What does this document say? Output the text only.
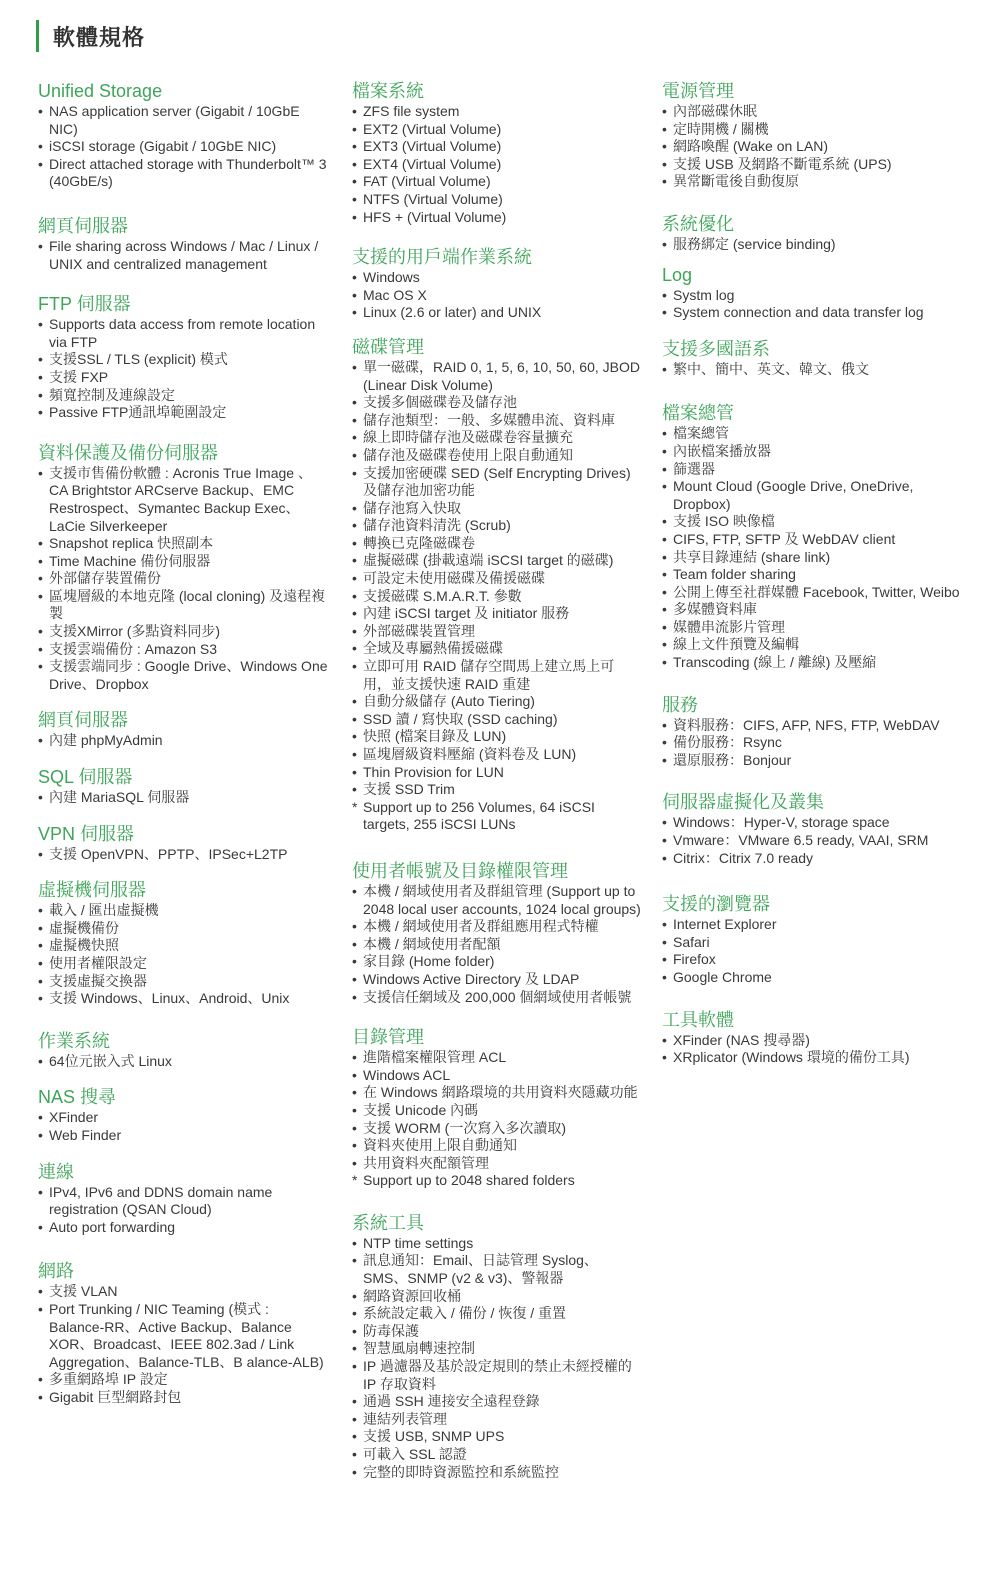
軟體規格
Unified Storage
• NAS application server (Gigabit / 10GbE NIC)
• iSCSI storage (Gigabit / 10GbE NIC)
• Direct attached storage with Thunderbolt™ 3 (40GbE/s)
網頁伺服器
• File sharing across Windows / Mac / Linux / UNIX and centralized management
FTP 伺服器
• Supports data access from remote location via FTP
• 支援SSL / TLS (explicit) 模式
• 支援 FXP
• 頻寬控制及連線設定
• Passive FTP通訊埠範圍設定
資料保護及備份伺服器
• 支援市售備份軟體 : Acronis True Image 、CA Brightstor ARCserve Backup、EMC Restrospect、Symantec Backup Exec、LaCie Silverkeeper
• Snapshot replica 快照副本
• Time Machine 備份伺服器
• 外部儲存裝置備份
• 區塊層級的本地克隆 (local cloning) 及遠程複製
• 支援XMirror (多點資料同步)
• 支援雲端備份 : Amazon S3
• 支援雲端同步 : Google Drive、Windows One Drive、Dropbox
網頁伺服器
• 內建 phpMyAdmin
SQL 伺服器
• 內建 MariaSQL 伺服器
VPN 伺服器
• 支援 OpenVPN、PPTP、IPSec+L2TP
虛擬機伺服器
• 載入 / 匯出虛擬機
• 虛擬機備份
• 虛擬機快照
• 使用者權限設定
• 支援虛擬交換器
• 支援 Windows、Linux、Android、Unix
作業系統
• 64位元嵌入式 Linux
NAS 搜尋
• XFinder
• Web Finder
連線
• IPv4, IPv6 and DDNS domain name registration (QSAN Cloud)
• Auto port forwarding
網路
• 支援 VLAN
• Port Trunking / NIC Teaming (模式 : Balance-RR、Active Backup、Balance XOR、Broadcast、IEEE 802.3ad / Link Aggregation、Balance-TLB、B alance-ALB)
• 多重網路埠 IP 設定
• Gigabit 巨型網路封包
檔案系統
• ZFS file system
• EXT2 (Virtual Volume)
• EXT3 (Virtual Volume)
• EXT4 (Virtual Volume)
• FAT (Virtual Volume)
• NTFS (Virtual Volume)
• HFS + (Virtual Volume)
支援的用戶端作業系統
• Windows
• Mac OS X
• Linux (2.6 or later) and UNIX
磁碟管理
• 單一磁碟，RAID 0, 1, 5, 6, 10, 50, 60, JBOD (Linear Disk Volume)
• 支援多個磁碟卷及儲存池
• 儲存池類型：一般、多媒體串流、資料庫
• 線上即時儲存池及磁碟卷容量擴充
• 儲存池及磁碟卷使用上限自動通知
• 支援加密硬碟 SED (Self Encrypting Drives) 及儲存池加密功能
• 儲存池寫入快取
• 儲存池資料清洗 (Scrub)
• 轉換已克隆磁碟卷
• 虛擬磁碟 (掛載遠端 iSCSI target 的磁碟)
• 可設定未使用磁碟及備援磁碟
• 支援磁碟 S.M.A.R.T. 參數
• 內建 iSCSI target 及 initiator 服務
• 外部磁碟裝置管理
• 全域及專屬熱備援磁碟
• 立即可用 RAID 儲存空間馬上建立馬上可用，並支援快速 RAID 重建
• 自動分級儲存 (Auto Tiering)
• SSD 讀 / 寫快取 (SSD caching)
• 快照 (檔案目錄及 LUN)
• 區塊層級資料壓縮 (資料卷及 LUN)
• Thin Provision for LUN
• 支援 SSD Trim
* Support up to 256 Volumes, 64 iSCSI targets, 255 iSCSI LUNs
使用者帳號及目錄權限管理
• 本機 / 網域使用者及群組管理 (Support up to 2048 local user accounts, 1024 local groups)
• 本機 / 網域使用者及群組應用程式特權
• 本機 / 網域使用者配額
• 家目錄 (Home folder)
• Windows Active Directory 及 LDAP
• 支援信任網域及 200,000 個網域使用者帳號
目錄管理
• 進階檔案權限管理 ACL
• Windows ACL
• 在 Windows 網路環境的共用資料夾隱藏功能
• 支援 Unicode 內碼
• 支援 WORM (一次寫入多次讀取)
• 資料夾使用上限自動通知
• 共用資料夾配額管理
* Support up to 2048 shared folders
系統工具
• NTP time settings
• 訊息通知：Email、日誌管理 Syslog、SMS、SNMP (v2 & v3)、警報器
• 網路資源回收桶
• 系統設定載入 / 備份 / 恢復 / 重置
• 防毒保護
• 智慧風扇轉速控制
• IP 過濾器及基於設定規則的禁止未經授權的 IP 存取資料
• 通過 SSH 連接安全遠程登錄
• 連結列表管理
• 支援 USB, SNMP UPS
• 可載入 SSL 認證
• 完整的即時資源監控和系統監控
電源管理
• 內部磁碟休眠
• 定時開機 / 關機
• 網路喚醒 (Wake on LAN)
• 支援 USB 及網路不斷電系統 (UPS)
• 異常斷電後自動復原
系統優化
• 服務綁定 (service binding)
Log
• Systm log
• System connection and data transfer log
支援多國語系
• 繁中、簡中、英文、韓文、俄文
檔案總管
• 檔案總管
• 內嵌檔案播放器
• 篩選器
• Mount Cloud (Google Drive, OneDrive, Dropbox)
• 支援 ISO 映像檔
• CIFS, FTP, SFTP 及 WebDAV client
• 共享目錄連結 (share link)
• Team folder sharing
• 公開上傳至社群媒體 Facebook, Twitter, Weibo
• 多媒體資料庫
• 媒體串流影片管理
• 線上文件預覽及編輯
• Transcoding (線上 / 離線) 及壓縮
服務
• 資料服務：CIFS, AFP, NFS, FTP, WebDAV
• 備份服務：Rsync
• 還原服務：Bonjour
伺服器虛擬化及叢集
• Windows：Hyper-V, storage space
• Vmware：VMware 6.5 ready, VAAI, SRM
• Citrix：Citrix 7.0 ready
支援的瀏覽器
• Internet Explorer
• Safari
• Firefox
• Google Chrome
工具軟體
• XFinder (NAS 搜尋器)
• XRplicator (Windows 環境的備份工具)
